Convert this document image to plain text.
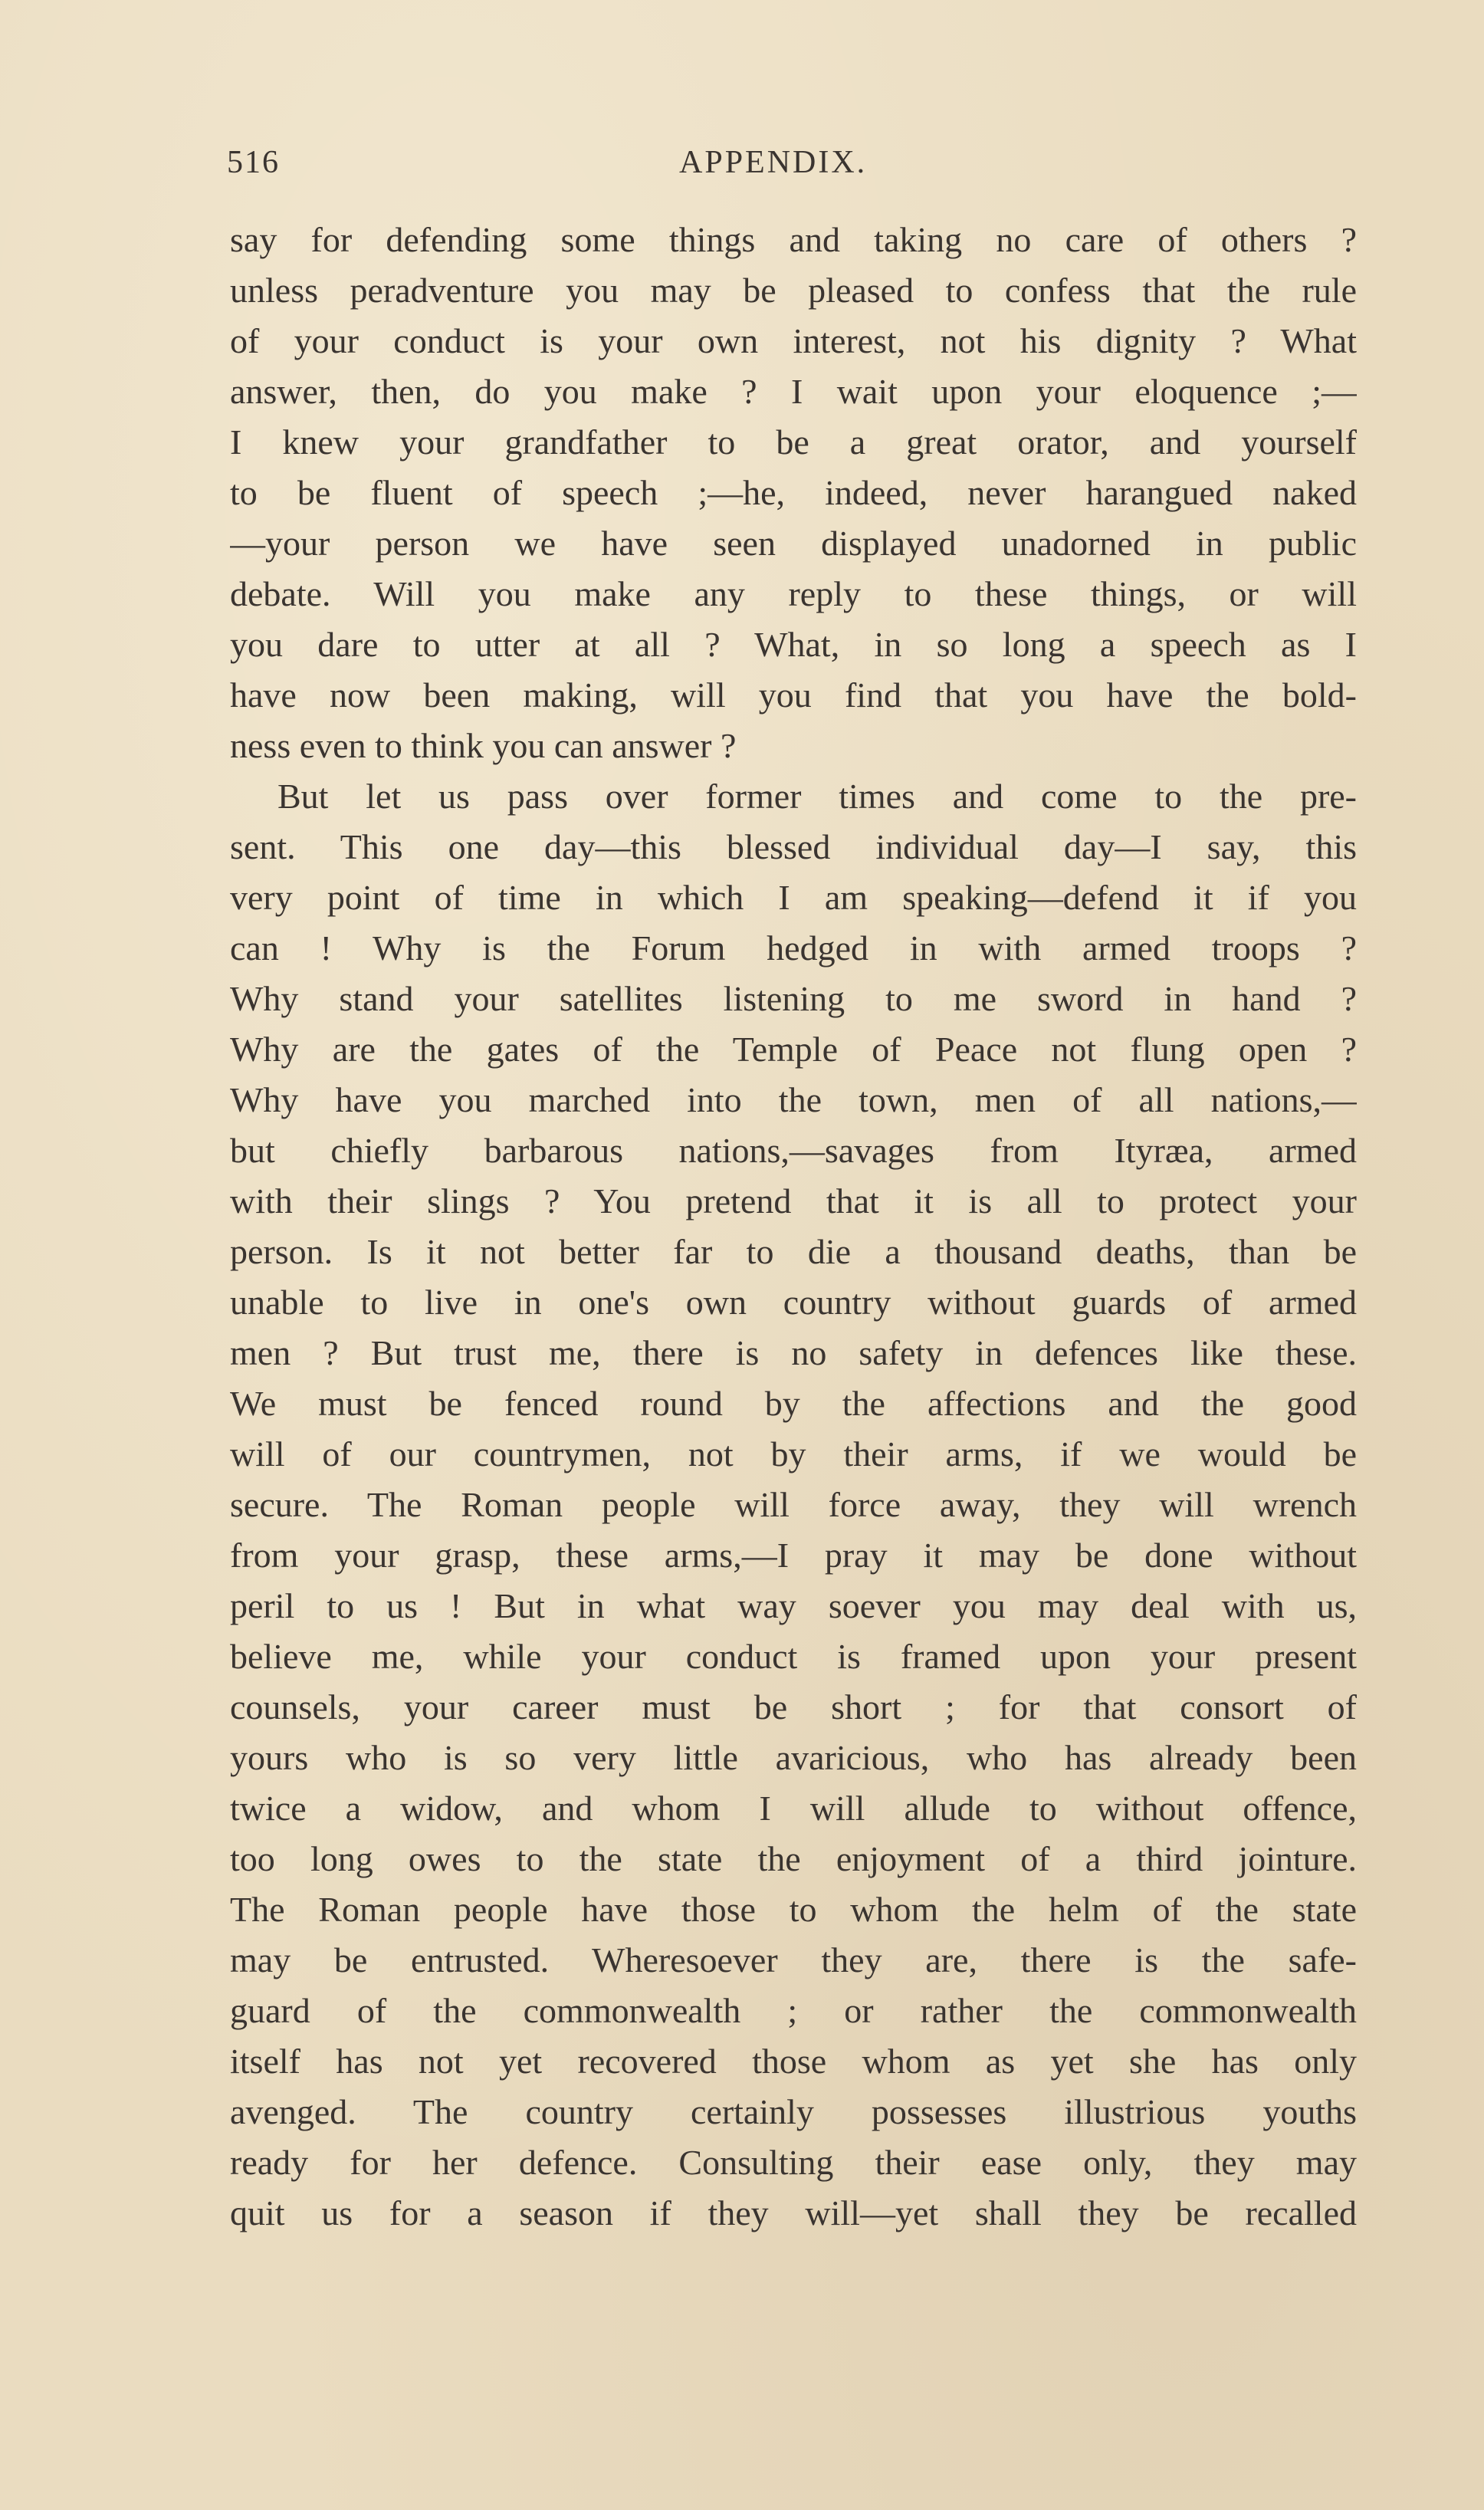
516	APPENDIX.
say for defending some things and taking no care of others ?
unless peradventure you may be pleased to confess that the rule
of your conduct is your own interest, not his dignity ? What
answer, then, do you make ? I wait upon your eloquence ;—
I knew your grandfather to be a great orator, and yourself
to be fluent of speech ;—he, indeed, never harangued naked
—your person we have seen displayed unadorned in public
debate. Will you make any reply to these things, or will
you dare to utter at all ? What, in so long a speech as I
have now been making, will you find that you have the bold-
ness even to think you can answer ?
But let us pass over former times and come to the pre-
sent. This one day—this blessed individual day—I say, this
very point of time in which I am speaking—defend it if you
can ! Why is the Forum hedged in with armed troops ?
Why stand your satellites listening to me sword in hand ?
Why are the gates of the Temple of Peace not flung open ?
Why have you marched into the town, men of all nations,—
but chiefly barbarous nations,—savages from Ityræa, armed
with their slings ? You pretend that it is all to protect your
person. Is it not better far to die a thousand deaths, than be
unable to live in one's own country without guards of armed
men ? But trust me, there is no safety in defences like these.
We must be fenced round by the affections and the good
will of our countrymen, not by their arms, if we would be
secure. The Roman people will force away, they will wrench
from your grasp, these arms,—I pray it may be done without
peril to us ! But in what way soever you may deal with us,
believe me, while your conduct is framed upon your present
counsels, your career must be short ; for that consort of
yours who is so very little avaricious, who has already been
twice a widow, and whom I will allude to without offence,
too long owes to the state the enjoyment of a third jointure.
The Roman people have those to whom the helm of the state
may be entrusted. Wheresoever they are, there is the safe-
guard of the commonwealth ; or rather the commonwealth
itself has not yet recovered those whom as yet she has only
avenged. The country certainly possesses illustrious youths
ready for her defence. Consulting their ease only, they may
quit us for a season if they will—yet shall they be recalled
